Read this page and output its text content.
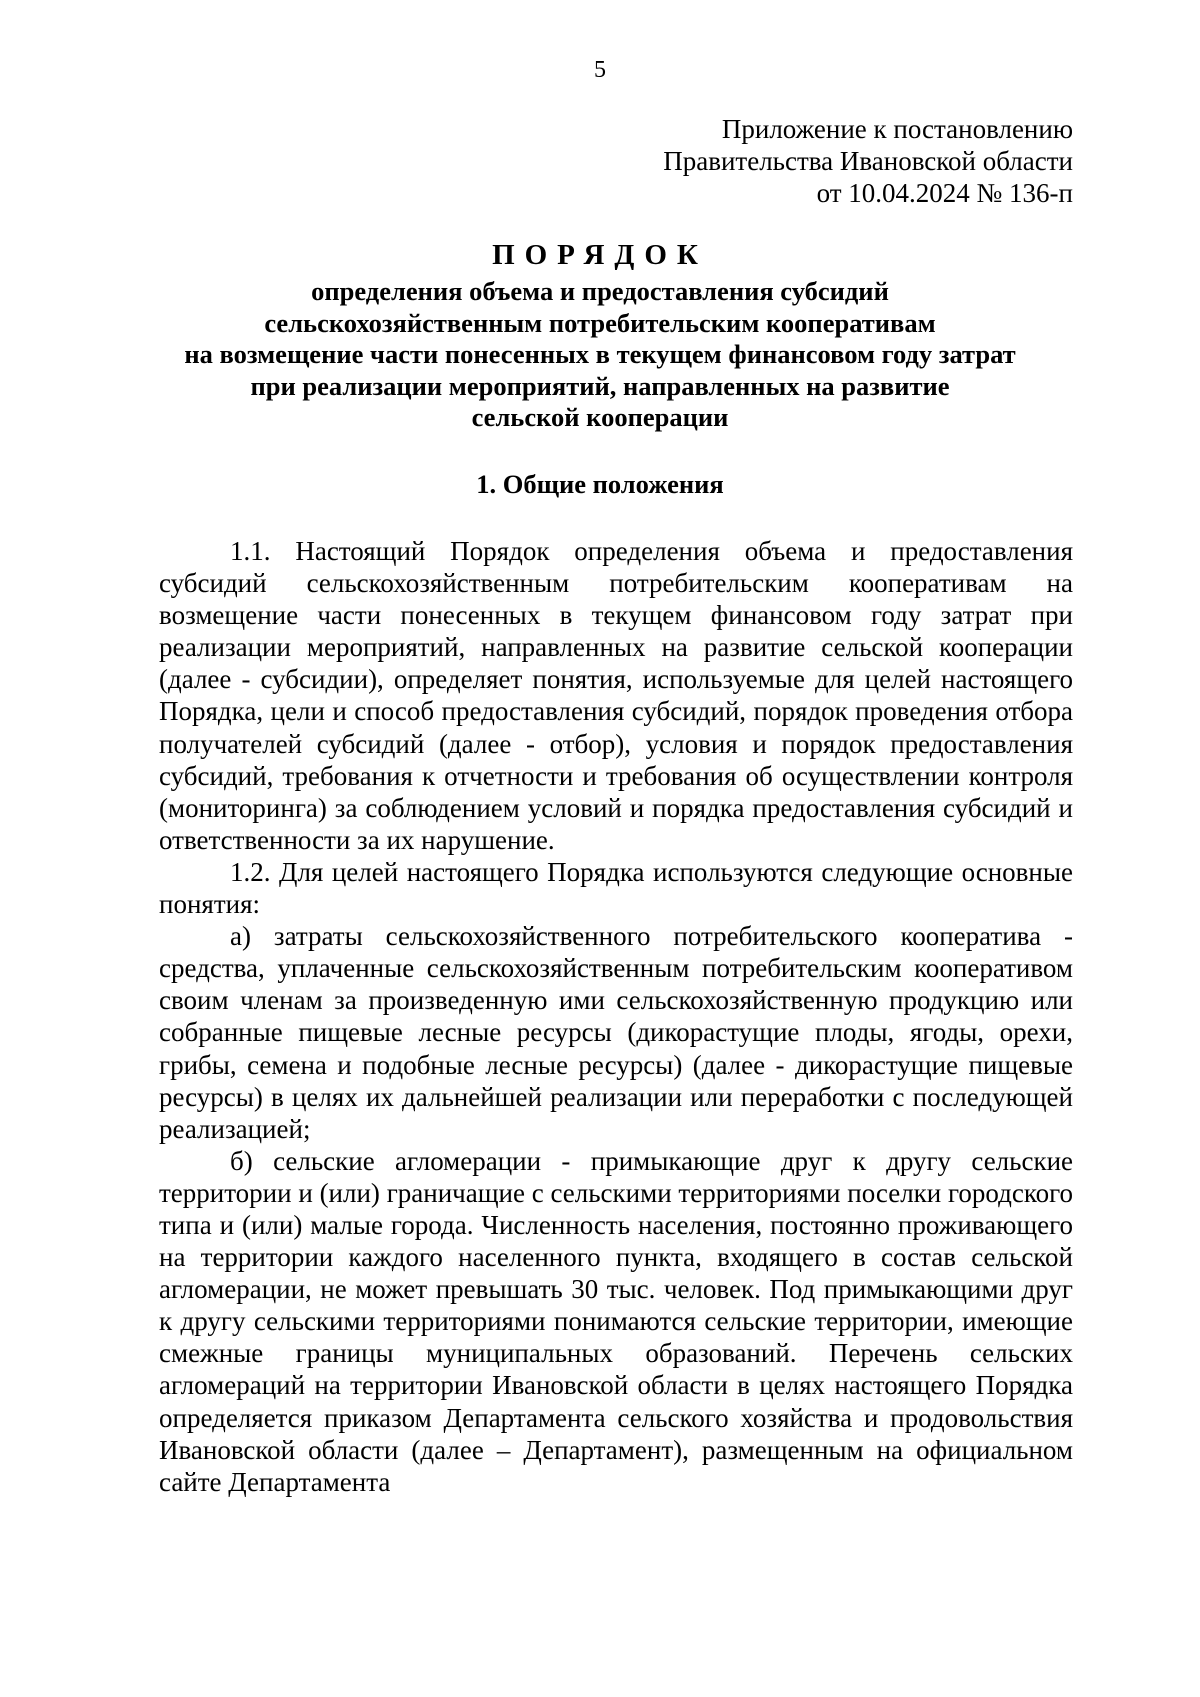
5

Приложение к постановлению
Правительства Ивановской области
от 10.04.2024 № 136-п
ПОРЯДОК
определения объема и предоставления субсидий
сельскохозяйственным потребительским кооперативам
на возмещение части понесенных в текущем финансовом году затрат
при реализации мероприятий, направленных на развитие
сельской кооперации
1. Общие положения

1.1. Настоящий Порядок определения объема и предоставления субсидий сельскохозяйственным потребительским кооперативам на возмещение части понесенных в текущем финансовом году затрат при реализации мероприятий, направленных на развитие сельской кооперации (далее - субсидии), определяет понятия, используемые для целей настоящего Порядка, цели и способ предоставления субсидий, порядок проведения отбора получателей субсидий (далее - отбор), условия и порядок предоставления субсидий, требования к отчетности и требования об осуществлении контроля (мониторинга) за соблюдением условий и порядка предоставления субсидий и ответственности за их нарушение.

1.2. Для целей настоящего Порядка используются следующие основные понятия:

а) затраты сельскохозяйственного потребительского кооператива - средства, уплаченные сельскохозяйственным потребительским кооперативом своим членам за произведенную ими сельскохозяйственную продукцию или собранные пищевые лесные ресурсы (дикорастущие плоды, ягоды, орехи, грибы, семена и подобные лесные ресурсы) (далее - дикорастущие пищевые ресурсы) в целях их дальнейшей реализации или переработки с последующей реализацией;

б) сельские агломерации - примыкающие друг к другу сельские территории и (или) граничащие с сельскими территориями поселки городского типа и (или) малые города. Численность населения, постоянно проживающего на территории каждого населенного пункта, входящего в состав сельской агломерации, не может превышать 30 тыс. человек. Под примыкающими друг к другу сельскими территориями понимаются сельские территории, имеющие смежные границы муниципальных образований. Перечень сельских агломераций на территории Ивановской области в целях настоящего Порядка определяется приказом Департамента сельского хозяйства и продовольствия Ивановской области (далее – Департамент), размещенным на официальном сайте Департамента
